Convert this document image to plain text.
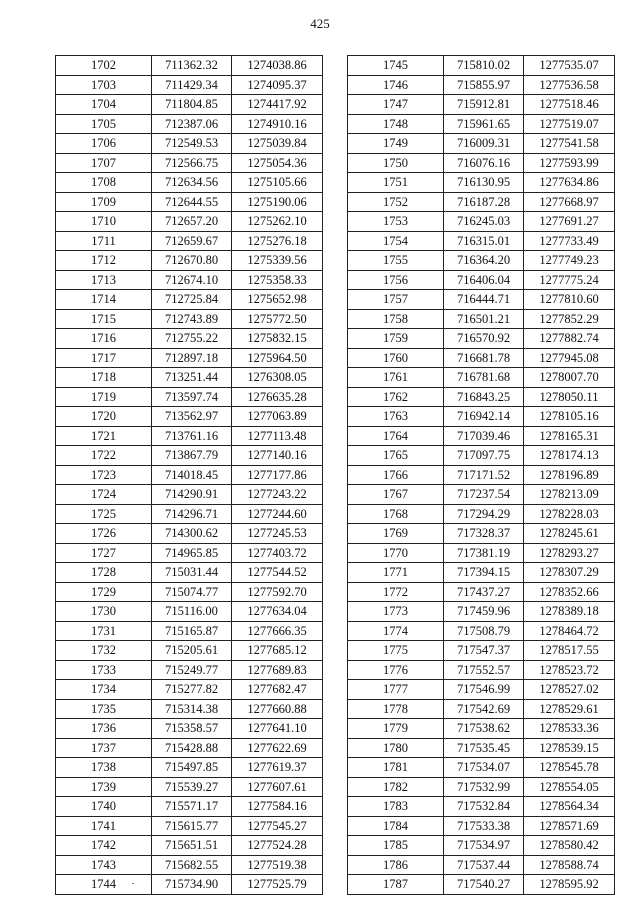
425
1702	711362.32	1274038.86
1703	711429.34	1274095.37
1704	711804.85	1274417.92
1705	712387.06	1274910.16
1706	712549.53	1275039.84
1707	712566.75	1275054.36
1708	712634.56	1275105.66
1709	712644.55	1275190.06
1710	712657.20	1275262.10
1711	712659.67	1275276.18
1712	712670.80	1275339.56
1713	712674.10	1275358.33
1714	712725.84	1275652.98
1715	712743.89	1275772.50
1716	712755.22	1275832.15
1717	712897.18	1275964.50
1718	713251.44	1276308.05
1719	713597.74	1276635.28
1720	713562.97	1277063.89
1721	713761.16	1277113.48
1722	713867.79	1277140.16
1723	714018.45	1277177.86
1724	714290.91	1277243.22
1725	714296.71	1277244.60
1726	714300.62	1277245.53
1727	714965.85	1277403.72
1728	715031.44	1277544.52
1729	715074.77	1277592.70
1730	715116.00	1277634.04
1731	715165.87	1277666.35
1732	715205.61	1277685.12
1733	715249.77	1277689.83
1734	715277.82	1277682.47
1735	715314.38	1277660.88
1736	715358.57	1277641.10
1737	715428.88	1277622.69
1738	715497.85	1277619.37
1739	715539.27	1277607.61
1740	715571.17	1277584.16
1741	715615.77	1277545.27
1742	715651.51	1277524.28
1743	715682.55	1277519.38
1744	715734.90	1277525.79
1745	715810.02	1277535.07
1746	715855.97	1277536.58
1747	715912.81	1277518.46
1748	715961.65	1277519.07
1749	716009.31	1277541.58
1750	716076.16	1277593.99
1751	716130.95	1277634.86
1752	716187.28	1277668.97
1753	716245.03	1277691.27
1754	716315.01	1277733.49
1755	716364.20	1277749.23
1756	716406.04	1277775.24
1757	716444.71	1277810.60
1758	716501.21	1277852.29
1759	716570.92	1277882.74
1760	716681.78	1277945.08
1761	716781.68	1278007.70
1762	716843.25	1278050.11
1763	716942.14	1278105.16
1764	717039.46	1278165.31
1765	717097.75	1278174.13
1766	717171.52	1278196.89
1767	717237.54	1278213.09
1768	717294.29	1278228.03
1769	717328.37	1278245.61
1770	717381.19	1278293.27
1771	717394.15	1278307.29
1772	717437.27	1278352.66
1773	717459.96	1278389.18
1774	717508.79	1278464.72
1775	717547.37	1278517.55
1776	717552.57	1278523.72
1777	717546.99	1278527.02
1778	717542.69	1278529.61
1779	717538.62	1278533.36
1780	717535.45	1278539.15
1781	717534.07	1278545.78
1782	717532.99	1278554.05
1783	717532.84	1278564.34
1784	717533.38	1278571.69
1785	717534.97	1278580.42
1786	717537.44	1278588.74
1787	717540.27	1278595.92
